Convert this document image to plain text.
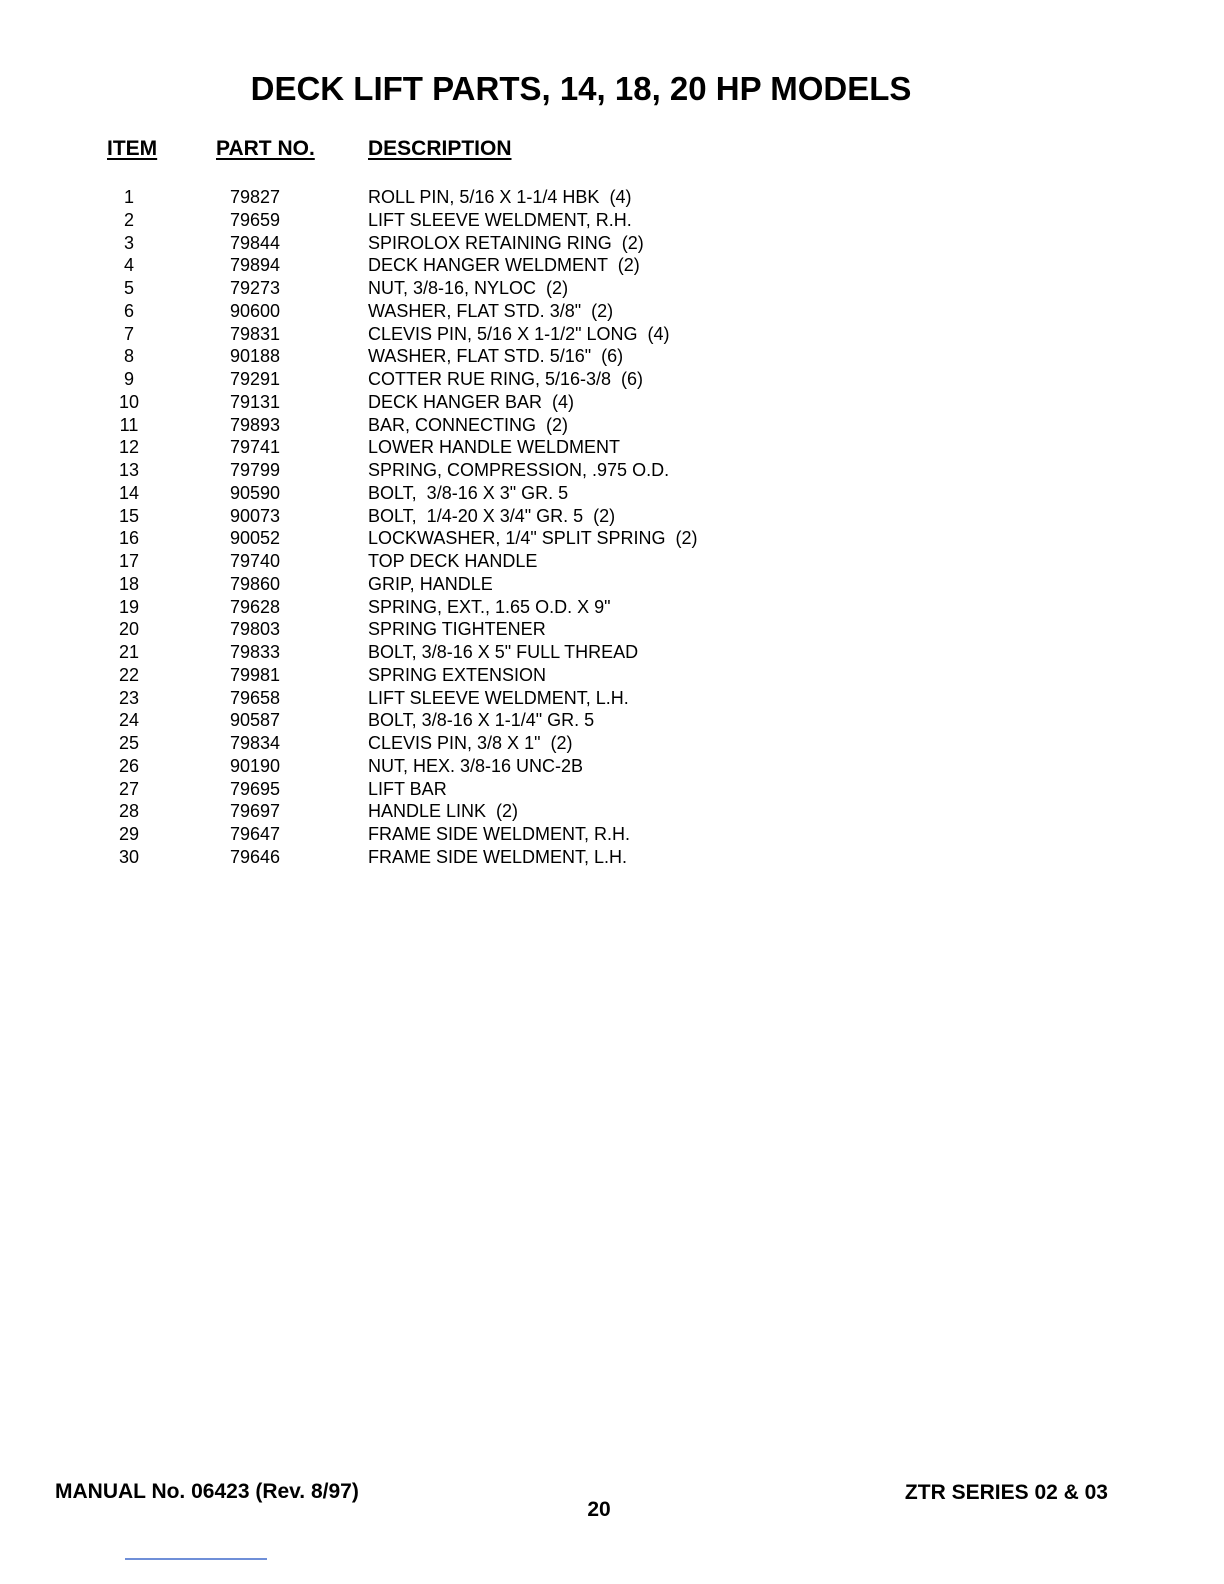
DECK LIFT PARTS, 14, 18, 20 HP MODELS
ITEM	PART NO.	DESCRIPTION
1	79827	ROLL PIN, 5/16 X 1-1/4 HBK  (4)
2	79659	LIFT SLEEVE WELDMENT, R.H.
3	79844	SPIROLOX RETAINING RING  (2)
4	79894	DECK HANGER WELDMENT  (2)
5	79273	NUT, 3/8-16, NYLOC  (2)
6	90600	WASHER, FLAT STD. 3/8"  (2)
7	79831	CLEVIS PIN, 5/16 X 1-1/2" LONG  (4)
8	90188	WASHER, FLAT STD. 5/16"  (6)
9	79291	COTTER RUE RING, 5/16-3/8  (6)
10	79131	DECK HANGER BAR  (4)
11	79893	BAR, CONNECTING  (2)
12	79741	LOWER HANDLE WELDMENT
13	79799	SPRING, COMPRESSION, .975 O.D.
14	90590	BOLT,  3/8-16 X 3" GR. 5
15	90073	BOLT,  1/4-20 X 3/4" GR. 5  (2)
16	90052	LOCKWASHER, 1/4" SPLIT SPRING  (2)
17	79740	TOP DECK HANDLE
18	79860	GRIP, HANDLE
19	79628	SPRING, EXT., 1.65 O.D. X 9"
20	79803	SPRING TIGHTENER
21	79833	BOLT, 3/8-16 X 5" FULL THREAD
22	79981	SPRING EXTENSION
23	79658	LIFT SLEEVE WELDMENT, L.H.
24	90587	BOLT, 3/8-16 X 1-1/4" GR. 5
25	79834	CLEVIS PIN, 3/8 X 1"  (2)
26	90190	NUT, HEX. 3/8-16 UNC-2B
27	79695	LIFT BAR
28	79697	HANDLE LINK  (2)
29	79647	FRAME SIDE WELDMENT, R.H.
30	79646	FRAME SIDE WELDMENT, L.H.
MANUAL No. 06423 (Rev. 8/97)
20
ZTR SERIES 02 & 03
